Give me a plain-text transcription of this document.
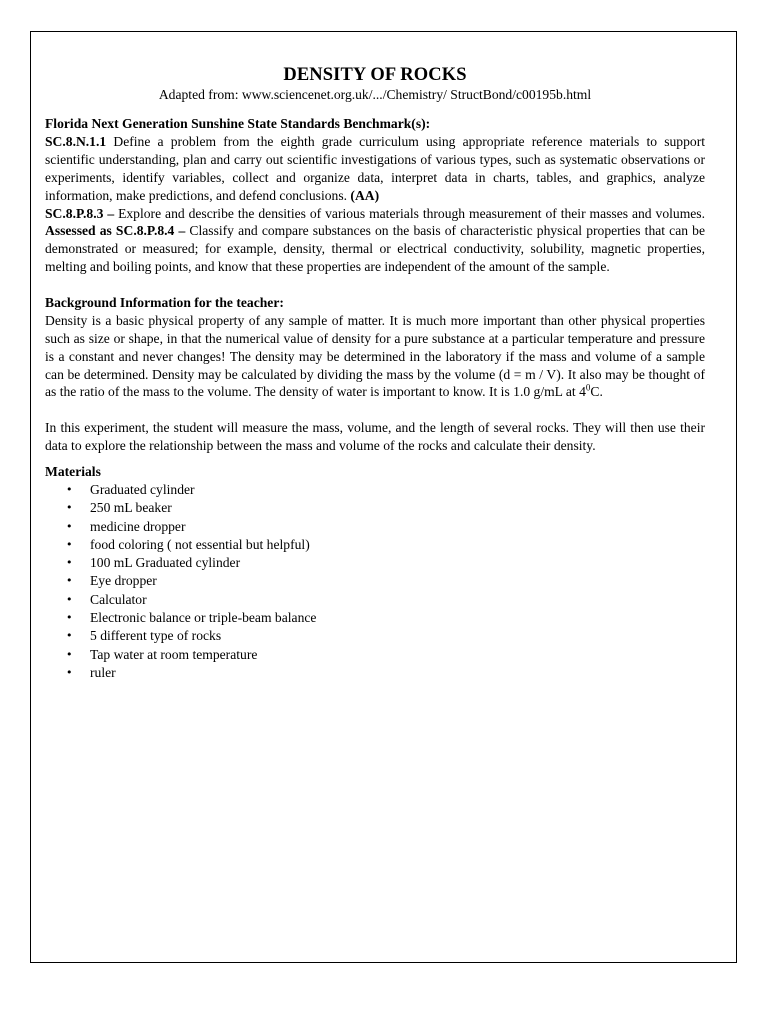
DENSITY OF ROCKS
Adapted from: www.sciencenet.org.uk/.../Chemistry/ StructBond/c00195b.html
Florida Next Generation Sunshine State Standards Benchmark(s):

SC.8.N.1.1 Define a problem from the eighth grade curriculum using appropriate reference materials to support scientific understanding, plan and carry out scientific investigations of various types, such as systematic observations or experiments, identify variables, collect and organize data, interpret data in charts, tables, and graphics, analyze information, make predictions, and defend conclusions. (AA)

SC.8.P.8.3 – Explore and describe the densities of various materials through measurement of their masses and volumes. Assessed as SC.8.P.8.4 – Classify and compare substances on the basis of characteristic physical properties that can be demonstrated or measured; for example, density, thermal or electrical conductivity, solubility, magnetic properties, melting and boiling points, and know that these properties are independent of the amount of the sample.

Background Information for the teacher:

Density is a basic physical property of any sample of matter. It is much more important than other physical properties such as size or shape, in that the numerical value of density for a pure substance at a particular temperature and pressure is a constant and never changes! The density may be determined in the laboratory if the mass and volume of a sample can be determined. Density may be calculated by dividing the mass by the volume (d = m / V). It also may be thought of as the ratio of the mass to the volume. The density of water is important to know. It is 1.0 g/mL at $4^0C$.

In this experiment, the student will measure the mass, volume, and the length of several rocks. They will then use their data to explore the relationship between the mass and volume of the rocks and calculate their density.

Materials
• Graduated cylinder
• 250 mL beaker
• medicine dropper
• food coloring ( not essential but helpful)
• 100 mL Graduated cylinder
• Eye dropper
• Calculator
• Electronic balance or triple-beam balance
• 5 different type of rocks
• Tap water at room temperature
• ruler
